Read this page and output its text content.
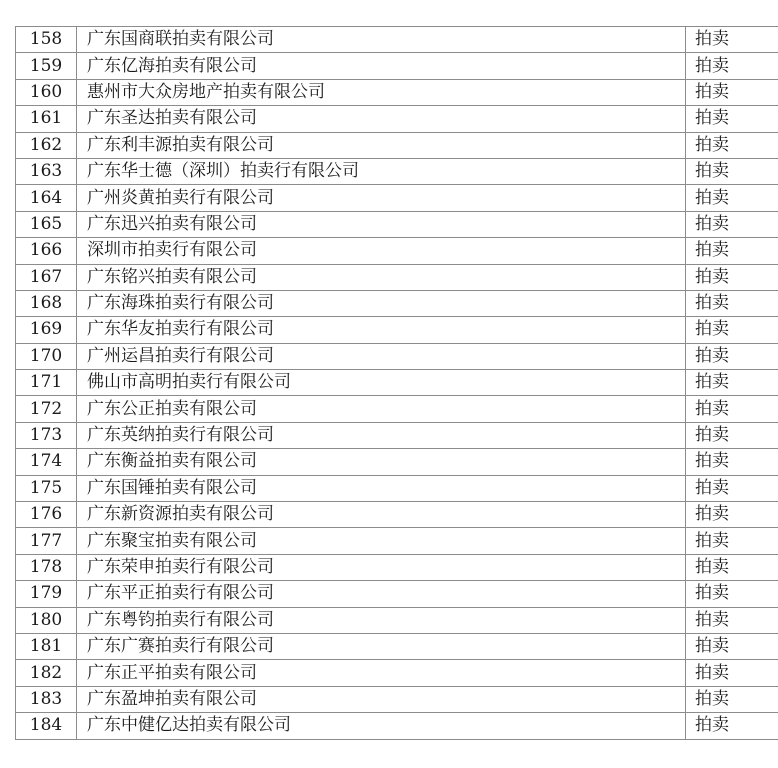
158	广东国商联拍卖有限公司	拍卖
159	广东亿海拍卖有限公司	拍卖
160	惠州市大众房地产拍卖有限公司	拍卖
161	广东圣达拍卖有限公司	拍卖
162	广东利丰源拍卖有限公司	拍卖
163	广东华士德（深圳）拍卖行有限公司	拍卖
164	广州炎黄拍卖行有限公司	拍卖
165	广东迅兴拍卖有限公司	拍卖
166	深圳市拍卖行有限公司	拍卖
167	广东铭兴拍卖有限公司	拍卖
168	广东海珠拍卖行有限公司	拍卖
169	广东华友拍卖行有限公司	拍卖
170	广州运昌拍卖行有限公司	拍卖
171	佛山市高明拍卖行有限公司	拍卖
172	广东公正拍卖有限公司	拍卖
173	广东英纳拍卖行有限公司	拍卖
174	广东衡益拍卖有限公司	拍卖
175	广东国锤拍卖有限公司	拍卖
176	广东新资源拍卖有限公司	拍卖
177	广东聚宝拍卖有限公司	拍卖
178	广东荣申拍卖行有限公司	拍卖
179	广东平正拍卖行有限公司	拍卖
180	广东粤钧拍卖行有限公司	拍卖
181	广东广赛拍卖行有限公司	拍卖
182	广东正平拍卖有限公司	拍卖
183	广东盈坤拍卖有限公司	拍卖
184	广东中健亿达拍卖有限公司	拍卖
